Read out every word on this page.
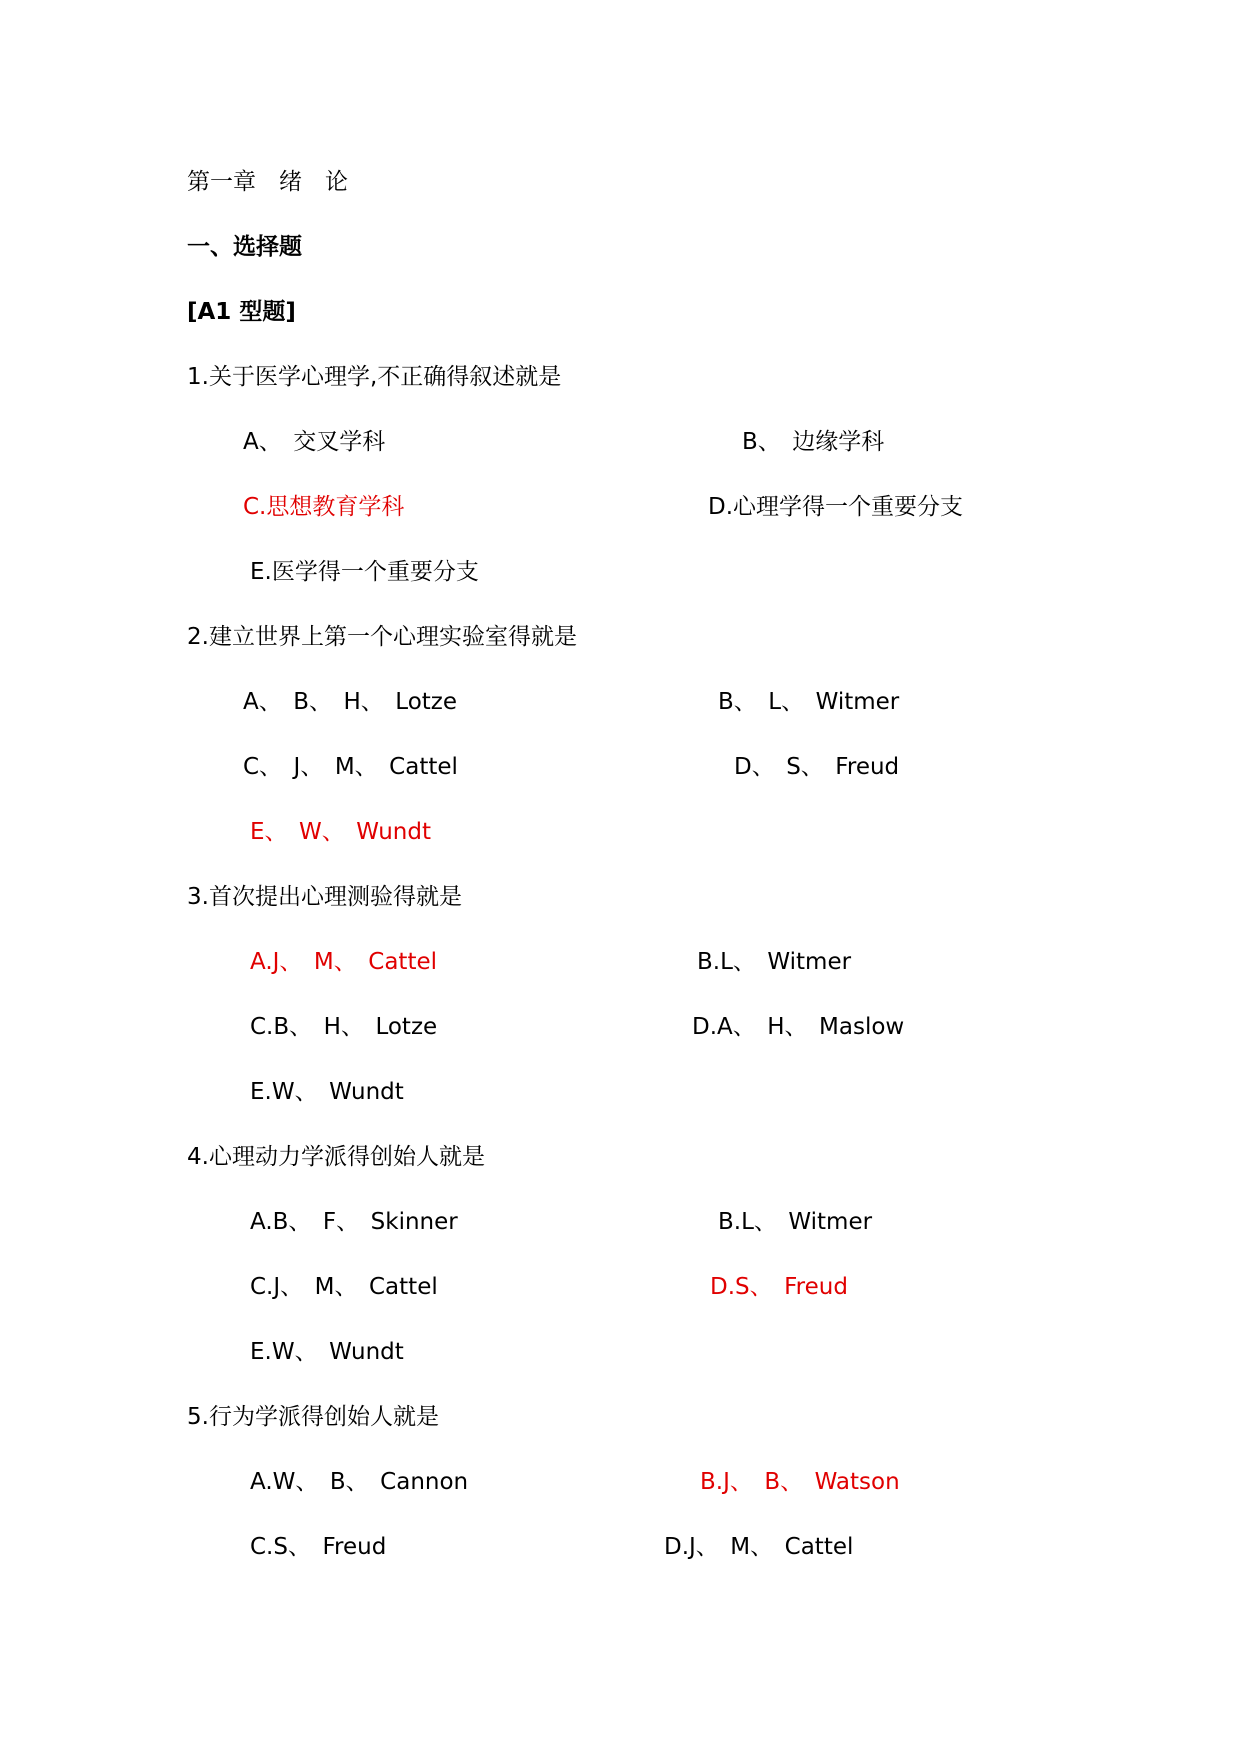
第一章　绪　论
一、选择题
[A1 型题]
1.关于医学心理学,不正确得叙述就是
A、　交叉学科	B、　边缘学科
C.思想教育学科	D.心理学得一个重要分支
E.医学得一个重要分支
2.建立世界上第一个心理实验室得就是
A、　B、　H、　Lotze	B、　L、　Witmer
C、　J、　M、　Cattel	D、　S、　Freud
E、　W、　Wundt
3.首次提出心理测验得就是
A.J、　M、　Cattel	B.L、　Witmer
C.B、　H、　Lotze	D.A、　H、　Maslow
E.W、　Wundt
4.心理动力学派得创始人就是
A.B、　F、　Skinner	B.L、　Witmer
C.J、　M、　Cattel	D.S、　Freud
E.W、　Wundt
5.行为学派得创始人就是
A.W、　B、　Cannon	B.J、　B、　Watson
C.S、　Freud	D.J、　M、　Cattel
